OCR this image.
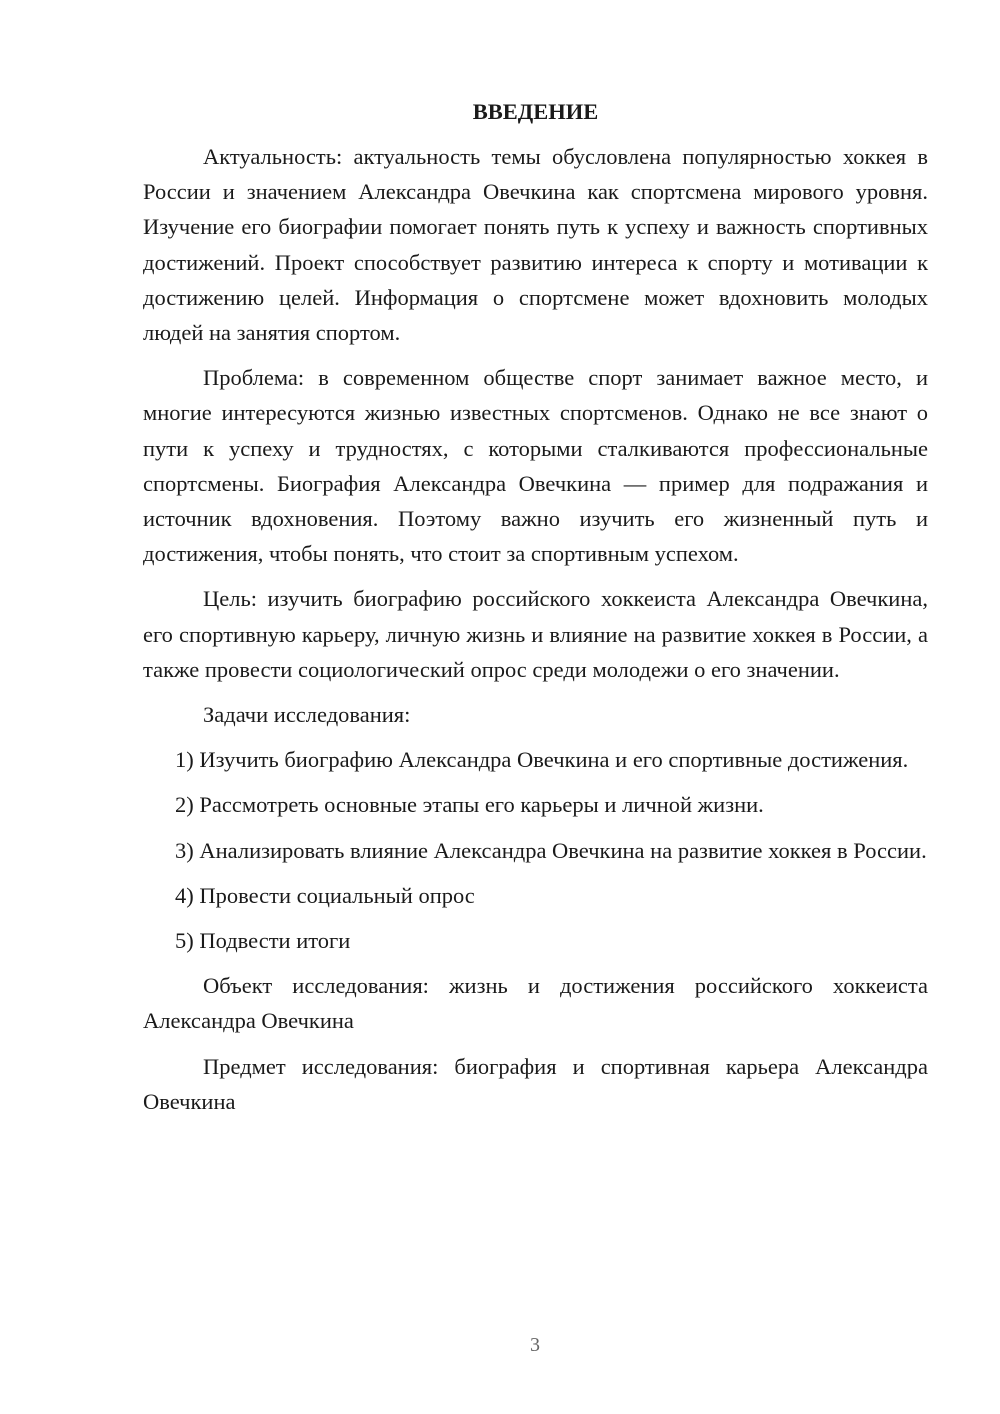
ВВЕДЕНИЕ

Актуальность: актуальность темы обусловлена популярностью хоккея в России и значением Александра Овечкина как спортсмена мирового уровня. Изучение его биографии помогает понять путь к успеху и важность спортивных достижений. Проект способствует развитию интереса к спорту и мотивации к достижению целей. Информация о спортсмене может вдохновить молодых людей на занятия спортом.

Проблема: в современном обществе спорт занимает важное место, и многие интересуются жизнью известных спортсменов. Однако не все знают о пути к успеху и трудностях, с которыми сталкиваются профессиональные спортсмены. Биография Александра Овечкина — пример для подражания и источник вдохновения. Поэтому важно изучить его жизненный путь и достижения, чтобы понять, что стоит за спортивным успехом.

Цель: изучить биографию российского хоккеиста Александра Овечкина, его спортивную карьеру, личную жизнь и влияние на развитие хоккея в России, а также провести социологический опрос среди молодежи о его значении.

Задачи исследования:

1) Изучить биографию Александра Овечкина и его спортивные достижения.

2) Рассмотреть основные этапы его карьеры и личной жизни.

3) Анализировать влияние Александра Овечкина на развитие хоккея в России.

4) Провести социальный опрос

5) Подвести итоги

Объект исследования: жизнь и достижения российского хоккеиста Александра Овечкина

Предмет исследования: биография и спортивная карьера Александра Овечкина

3
